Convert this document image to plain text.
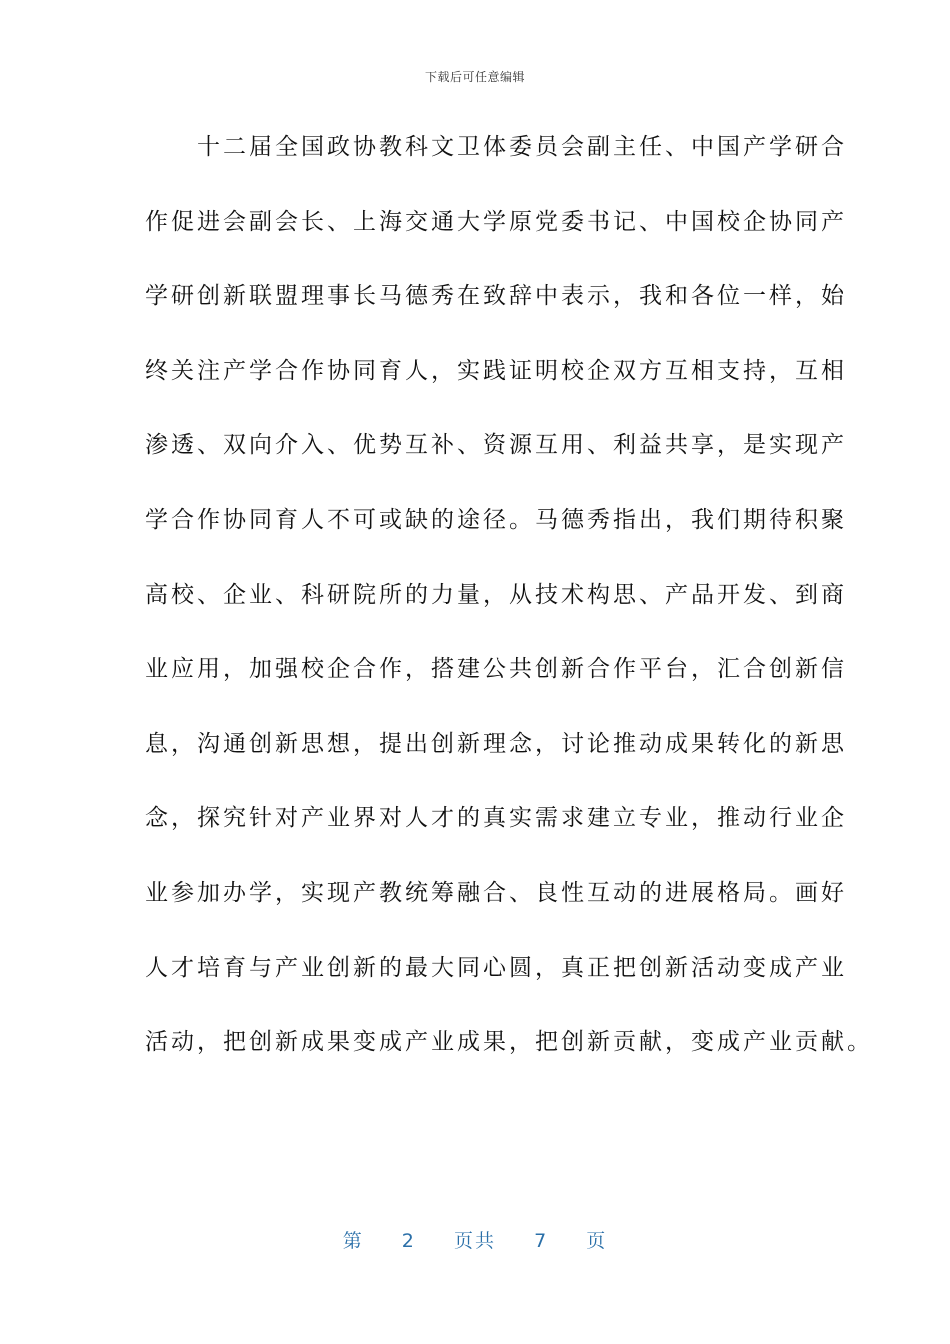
下载后可任意编辑
　　十二届全国政协教科文卫体委员会副主任、中国产学研合
作促进会副会长、上海交通大学原党委书记、中国校企协同产
学研创新联盟理事长马德秀在致辞中表示，我和各位一样，始
终关注产学合作协同育人，实践证明校企双方互相支持，互相
渗透、双向介入、优势互补、资源互用、利益共享，是实现产
学合作协同育人不可或缺的途径。马德秀指出，我们期待积聚
高校、企业、科研院所的力量，从技术构思、产品开发、到商
业应用，加强校企合作，搭建公共创新合作平台，汇合创新信
息，沟通创新思想，提出创新理念，讨论推动成果转化的新思
念，探究针对产业界对人才的真实需求建立专业，推动行业企
业参加办学，实现产教统筹融合、良性互动的进展格局。画好
人才培育与产业创新的最大同心圆，真正把创新活动变成产业
活动，把创新成果变成产业成果，把创新贡献，变成产业贡献。
第 2 页共 7 页
